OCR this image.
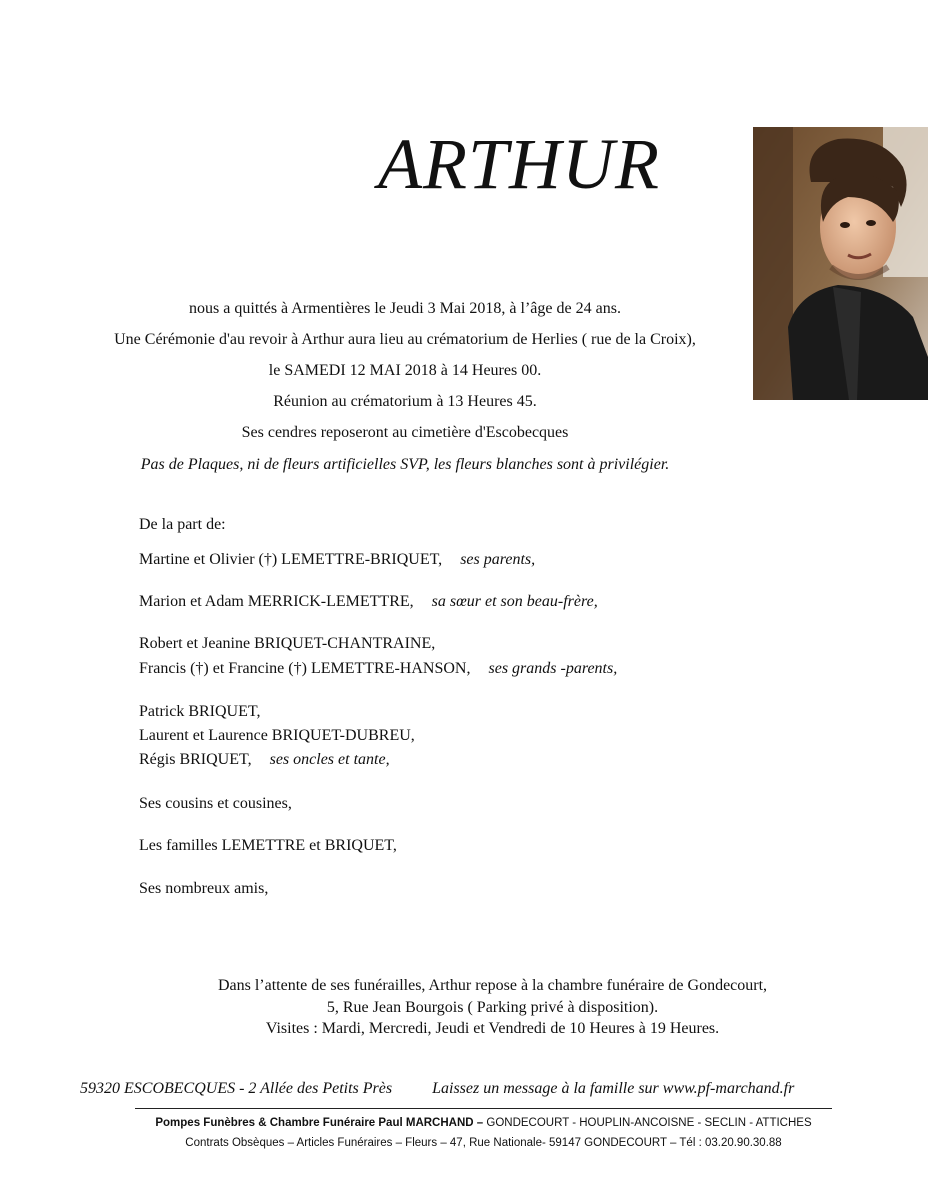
ARTHUR
nous a quittés à Armentières le Jeudi 3 Mai 2018, à l’âge de 24 ans.
Une Cérémonie d'au revoir à Arthur aura lieu au crématorium de Herlies ( rue de la Croix),
le SAMEDI 12 MAI 2018 à 14 Heures 00.
Réunion au crématorium à 13 Heures 45.
Ses cendres reposeront au cimetière d'Escobecques
Pas de Plaques, ni de fleurs artificielles SVP, les fleurs blanches sont à privilégier.
De la part de:
Martine et Olivier (†) LEMETTRE-BRIQUET, ses parents,
Marion et Adam MERRICK-LEMETTRE, sa sœur et son beau-frère,
Robert et Jeanine BRIQUET-CHANTRAINE,
Francis (†) et Francine (†) LEMETTRE-HANSON, ses grands -parents,
Patrick BRIQUET,
Laurent et Laurence BRIQUET-DUBREU,
Régis BRIQUET, ses oncles et tante,
Ses cousins et cousines,
Les familles LEMETTRE et BRIQUET,
Ses nombreux amis,
Dans l’attente de ses funérailles, Arthur repose à la chambre funéraire de Gondecourt,
5, Rue Jean Bourgois ( Parking privé à disposition).
Visites : Mardi, Mercredi, Jeudi et Vendredi de 10 Heures à 19 Heures.
59320 ESCOBECQUES - 2 Allée des Petits Près	Laissez un message à la famille sur www.pf-marchand.fr
Pompes Funèbres & Chambre Funéraire Paul MARCHAND – GONDECOURT - HOUPLIN-ANCOISNE - SECLIN - ATTICHES
Contrats Obsèques – Articles Funéraires – Fleurs – 47, Rue Nationale- 59147 GONDECOURT – Tél : 03.20.90.30.88
